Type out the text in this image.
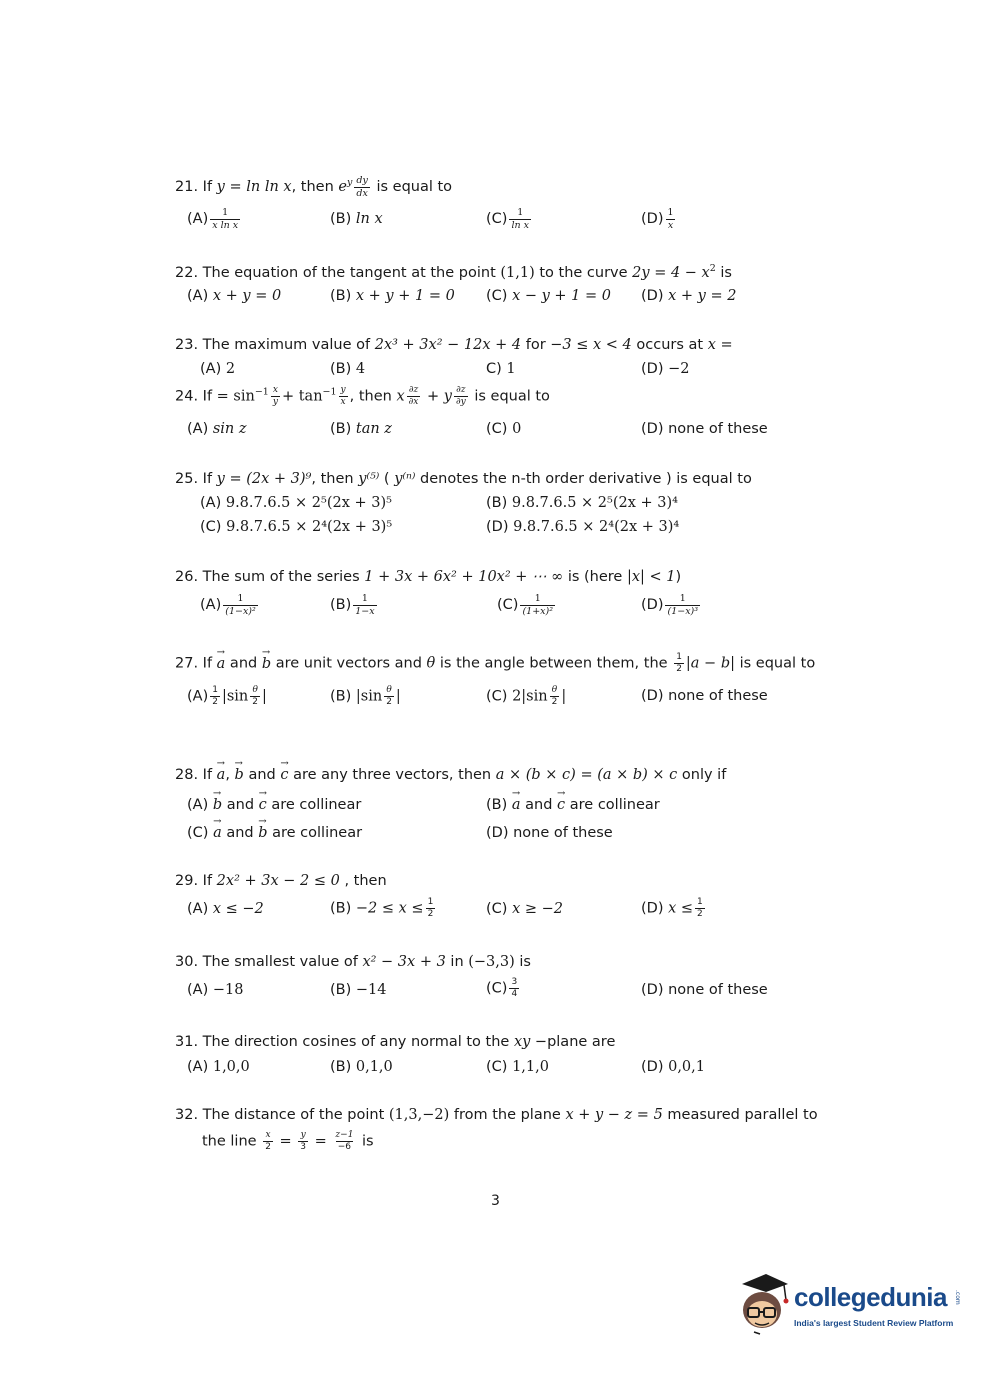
21. If y = ln ln x, then $e^y \frac{dy}{dx}$ is equal to
$(A) \frac{1}{\text{x ln x}}$	(B) ln x	$(C) \frac{1}{\text{ln x}}$	$(D) \frac{1}{x}$
22. The equation of the tangent at the point (1,1) to the curve $2y = 4 - x^2$ is
(A) x + y = 0	(B) x + y + 1 = 0 (C) x − y + 1 = 0 (D) x + y = 2
23. The maximum value of 2x³ + 3x² − 12x + 4 for −3 ≤ x < 4 occurs at x =
(A) 2	(B) 4	C) 1	(D) −2
24. $If = \sin^{-1} \frac{x}{y} + \tan^{-1} \frac{y}{x}$ , then x $\frac{\partial z}{\partial x} + y \frac{\partial z}{\partial y}$ is equal to
(A) sin z	(B) tan z	(C) 0	(D) none of these
25. If y = (2x + 3)⁹, then y⁽⁵⁾ ( y⁽ⁿ⁾ denotes the n-th order derivative ) is equal to
(A) 9.8.7.6.5 × 2⁵(2x + 3)⁵	(B) 9.8.7.6.5 × 2⁵(2x + 3)⁴
(C) 9.8.7.6.5 × 2⁴(2x + 3)⁵	(D) 9.8.7.6.5 × 2⁴(2x + 3)⁴
26. The sum of the series 1 + 3x + 6x² + 10x² + ⋯ ∞ is (here |x| < 1)
$(A) \frac{1}{\text{(1−x)²}}$	$(B) \frac{1}{1-x}$	$(C) \frac{1}{\text{(1+x)²}}$	$(D) \frac{1}{\text{(1−x)³}}$
27. If → a and → b are unit vectors and θ is the angle between them, the $\frac{1}{2} |a - b|$ is equal to
$(A) \frac{1}{2} |\sin \frac{\theta}{2}$ |	(B) $|\sin \frac{\theta}{2}$ |	(C) $2|\sin \frac{\theta}{2}$ |	(D) none of these
28. If → a, → b and → c are any three vectors, then a × (b × c) = (a × b) × c only if
(A) → b and → c are collinear	(B) → a and → c are collinear
(C) → a and → b are collinear	(D) none of these
29. If 2x² + 3x − 2 ≤ 0 , then
(A) x ≤ −2	$(B) -2 \le x \le \frac{1}{2}$	(C) x ≥ −2	(D) $x \le \frac{1}{2}$
30. The smallest value of x² − 3x + 3 in (−3,3) is
(A) −18	(B) −14	$(C) \frac{3}{4}$	(D) none of these
31. The direction cosines of any normal to the xy −plane are
(A) 1,0,0	(B) 0,1,0	(C) 1,1,0	(D) 0,0,1
32. The distance of the point (1,3,−2) from the plane x + y − z = 5 measured parallel to
the line $\frac{x}{2} = \frac{y}{3} = \frac{z-1}{-6}$ is
3
collegedunia .com
India's largest Student Review Platform
